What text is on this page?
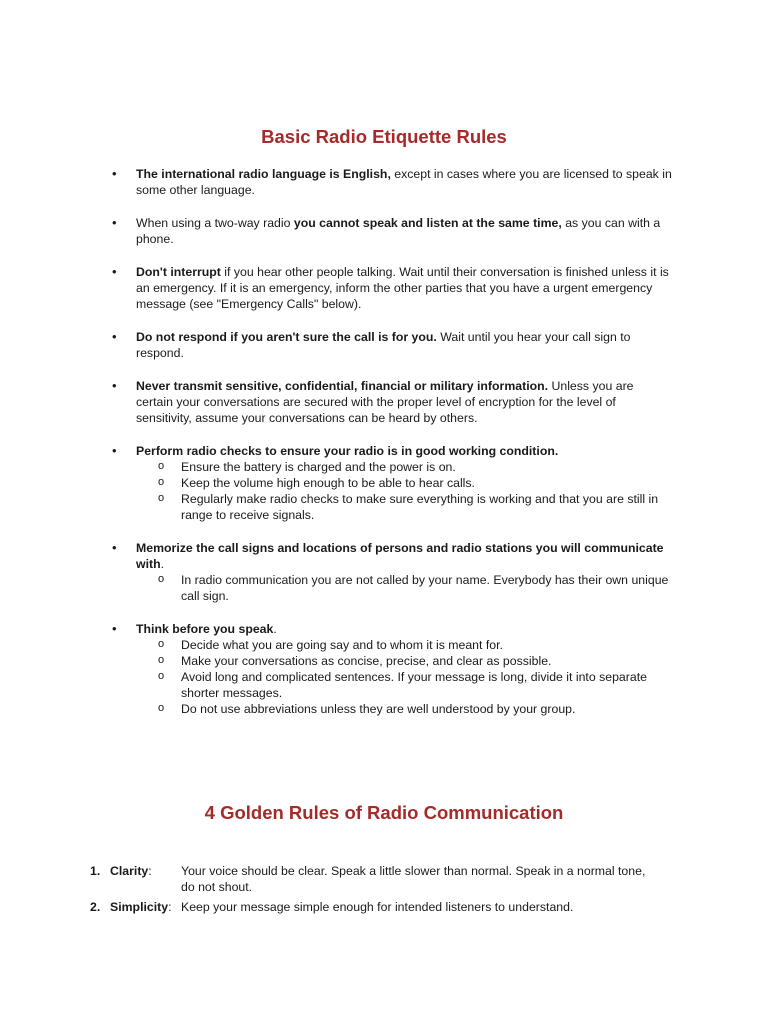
Basic Radio Etiquette Rules
• The international radio language is English, except in cases where you are licensed to speak in some other language.
• When using a two-way radio you cannot speak and listen at the same time, as you can with a phone.
• Don't interrupt if you hear other people talking. Wait until their conversation is finished unless it is an emergency. If it is an emergency, inform the other parties that you have a urgent emergency message (see "Emergency Calls" below).
• Do not respond if you aren't sure the call is for you. Wait until you hear your call sign to respond.
• Never transmit sensitive, confidential, financial or military information. Unless you are certain your conversations are secured with the proper level of encryption for the level of sensitivity, assume your conversations can be heard by others.
• Perform radio checks to ensure your radio is in good working condition.
o Ensure the battery is charged and the power is on.
o Keep the volume high enough to be able to hear calls.
o Regularly make radio checks to make sure everything is working and that you are still in range to receive signals.
• Memorize the call signs and locations of persons and radio stations you will communicate with.
o In radio communication you are not called by your name. Everybody has their own unique call sign.
• Think before you speak.
o Decide what you are going say and to whom it is meant for.
o Make your conversations as concise, precise, and clear as possible.
o Avoid long and complicated sentences. If your message is long, divide it into separate shorter messages.
o Do not use abbreviations unless they are well understood by your group.
4 Golden Rules of Radio Communication
1. Clarity: Your voice should be clear. Speak a little slower than normal. Speak in a normal tone, do not shout.
2. Simplicity: Keep your message simple enough for intended listeners to understand.
